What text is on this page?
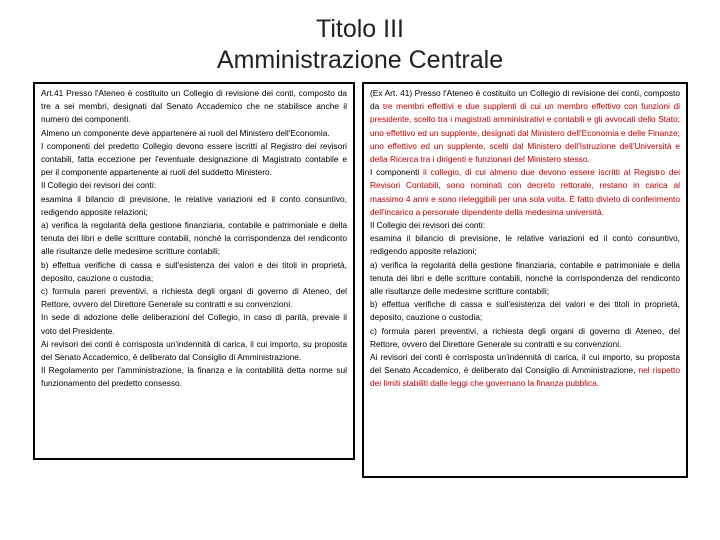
Titolo III
Amministrazione Centrale

Art.41 Presso l'Ateneo è costituito un Collegio di revisione dei conti, composto da tre a sei membri, designati dal Senato Accademico che ne stabilisce anche il numero dei componenti.

Almeno un componente deve appartenere ai ruoli del Ministero dell'Economia.

I componenti del predetto Collegio devono essere iscritti al Registro dei revisori contabili, fatta eccezione per l'eventuale designazione di Magistrato contabile e per il componente appartenente ai ruoli del suddetto Ministero.

Il Collegio dei revisori dei conti:

esamina il bilancio di previsione, le relative variazioni ed il conto consuntivo, redigendo apposite relazioni;

a) verifica la regolarità della gestione finanziaria, contabile e patrimoniale e della tenuta dei libri e delle scritture contabili, nonché la corrispondenza del rendiconto alle risultanze delle medesime scritture contabili;

b) effettua verifiche di cassa e sull'esistenza dei valori e dei titoli in proprietà, deposito, cauzione o custodia;

c) formula pareri preventivi, a richiesta degli organi di governo di Ateneo, del Rettore, ovvero del Direttore Generale su contratti e su convenzioni.

In sede di adozione delle deliberazioni del Collegio, in caso di parità, prevale il voto del Presidente.

Ai revisori dei conti è corrisposta un'indennità di carica, il cui importo, su proposta del Senato Accademico, è deliberato dal Consiglio di Amministrazione.

Il Regolamento per l'amministrazione, la finanza e la contabilità detta norme sul funzionamento del predetto consesso.

(Ex Art. 41) Presso l'Ateneo è costituito un Collegio di revisione dei conti, composto da tre membri effettivi e due supplenti di cui un membro effettivo con funzioni di presidente, scelto tra i magistrati amministrativi e contabili e gli avvocati dello Stato; uno effettivo ed un supplente, designati dal Ministero dell'Economia e delle Finanze; uno effettivo ed un supplente, scelti dal Ministero dell'Istruzione dell'Università e della Ricerca tra i dirigenti e funzionari del Ministero stesso.

I componenti il collegio, di cui almeno due devono essere iscritti al Registro dei Revisori Contabili, sono nominati con decreto rettorale, restano in carica al massimo 4 anni e sono rieleggibili per una sola volta. È fatto divieto di conferimento dell'incarico a personale dipendente della medesima università.

Il Collegio dei revisori dei conti:

esamina il bilancio di previsione, le relative variazioni ed il conto consuntivo, redigendo apposite relazioni;

a) verifica la regolarità della gestione finanziaria, contabile e patrimoniale e della tenuta dei libri e delle scritture contabili, nonché la corrispondenza del rendiconto alle risultanze delle medesime scritture contabili;

b) effettua verifiche di cassa e sull'esistenza dei valori e dei titoli in proprietà, deposito, cauzione o custodia;

c) formula pareri preventivi, a richiesta degli organi di governo di Ateneo, del Rettore, ovvero del Direttore Generale su contratti e su convenzioni.

Ai revisori dei conti è corrisposta un'indennità di carica, il cui importo, su proposta del Senato Accademico, è deliberato dal Consiglio di Amministrazione, nel rispetto dei limiti stabiliti dalle leggi che governano la finanza pubblica.
